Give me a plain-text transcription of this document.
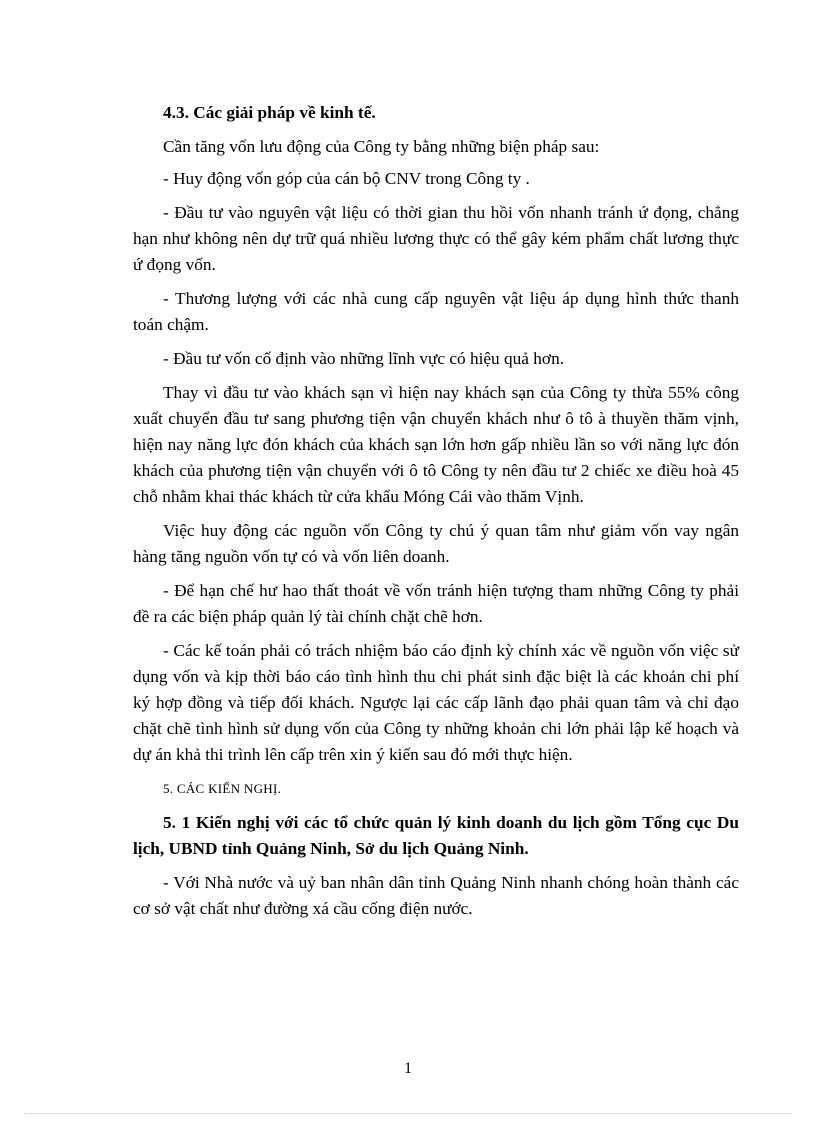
4.3. Các giải pháp về kinh tế.

Cần tăng vốn lưu động của Công ty bằng những biện pháp sau:

- Huy động vốn góp của cán bộ CNV trong Công ty .

- Đầu tư vào nguyên vật liệu có thời gian thu hồi vốn nhanh tránh ứ đọng, chẳng hạn như không nên dự trữ quá nhiều lương thực có thể gây kém phẩm chất lương thực ứ đọng vốn.

- Thương lượng với các nhà cung cấp nguyên vật liệu áp dụng hình thức thanh toán chậm.

- Đầu tư vốn cố định vào những lĩnh vực có hiệu quả hơn.

Thay vì đầu tư vào khách sạn vì hiện nay khách sạn của Công ty thừa 55% công xuất chuyển đầu tư sang phương tiện vận chuyển khách như ô tô à thuyền thăm vịnh, hiện nay năng lực đón khách của khách sạn lớn hơn gấp nhiều lần so với năng lực đón khách của phương tiện vận chuyển với ô tô Công ty nên đầu tư 2 chiếc xe điều hoà 45 chỗ nhằm khai thác khách từ cửa khẩu Móng Cái vào thăm Vịnh.

Việc huy động các nguồn vốn Công ty chú ý quan tâm như giảm vốn vay ngân hàng tăng nguồn vốn tự có và vốn liên doanh.

- Để hạn chế hư hao thất thoát về vốn tránh hiện tượng tham những Công ty phải đề ra các biện pháp quản lý tài chính chặt chẽ hơn.

- Các kế toán phải có trách nhiệm báo cáo định kỳ chính xác về nguồn vốn việc sử dụng vốn và kịp thời báo cáo tình hình thu chi phát sinh đặc biệt là các khoản chi phí ký hợp đồng và tiếp đối khách. Ngược lại các cấp lãnh đạo phải quan tâm và chỉ đạo chặt chẽ tình hình sử dụng vốn của Công ty những khoản chi lớn phải lập kế hoạch và dự án khả thi trình lên cấp trên xin ý kiến sau đó mới thực hiện.

5. CÁC KIẾN NGHỊ.

5. 1 Kiến nghị với các tổ chức quản lý kinh doanh du lịch gồm Tổng cục Du lịch, UBND tỉnh Quảng Ninh, Sở du lịch Quảng Ninh.

- Với Nhà nước và uỷ ban nhân dân tỉnh Quảng Ninh nhanh chóng hoàn thành các cơ sở vật chất như đường xá cầu cống điện nước.

1
